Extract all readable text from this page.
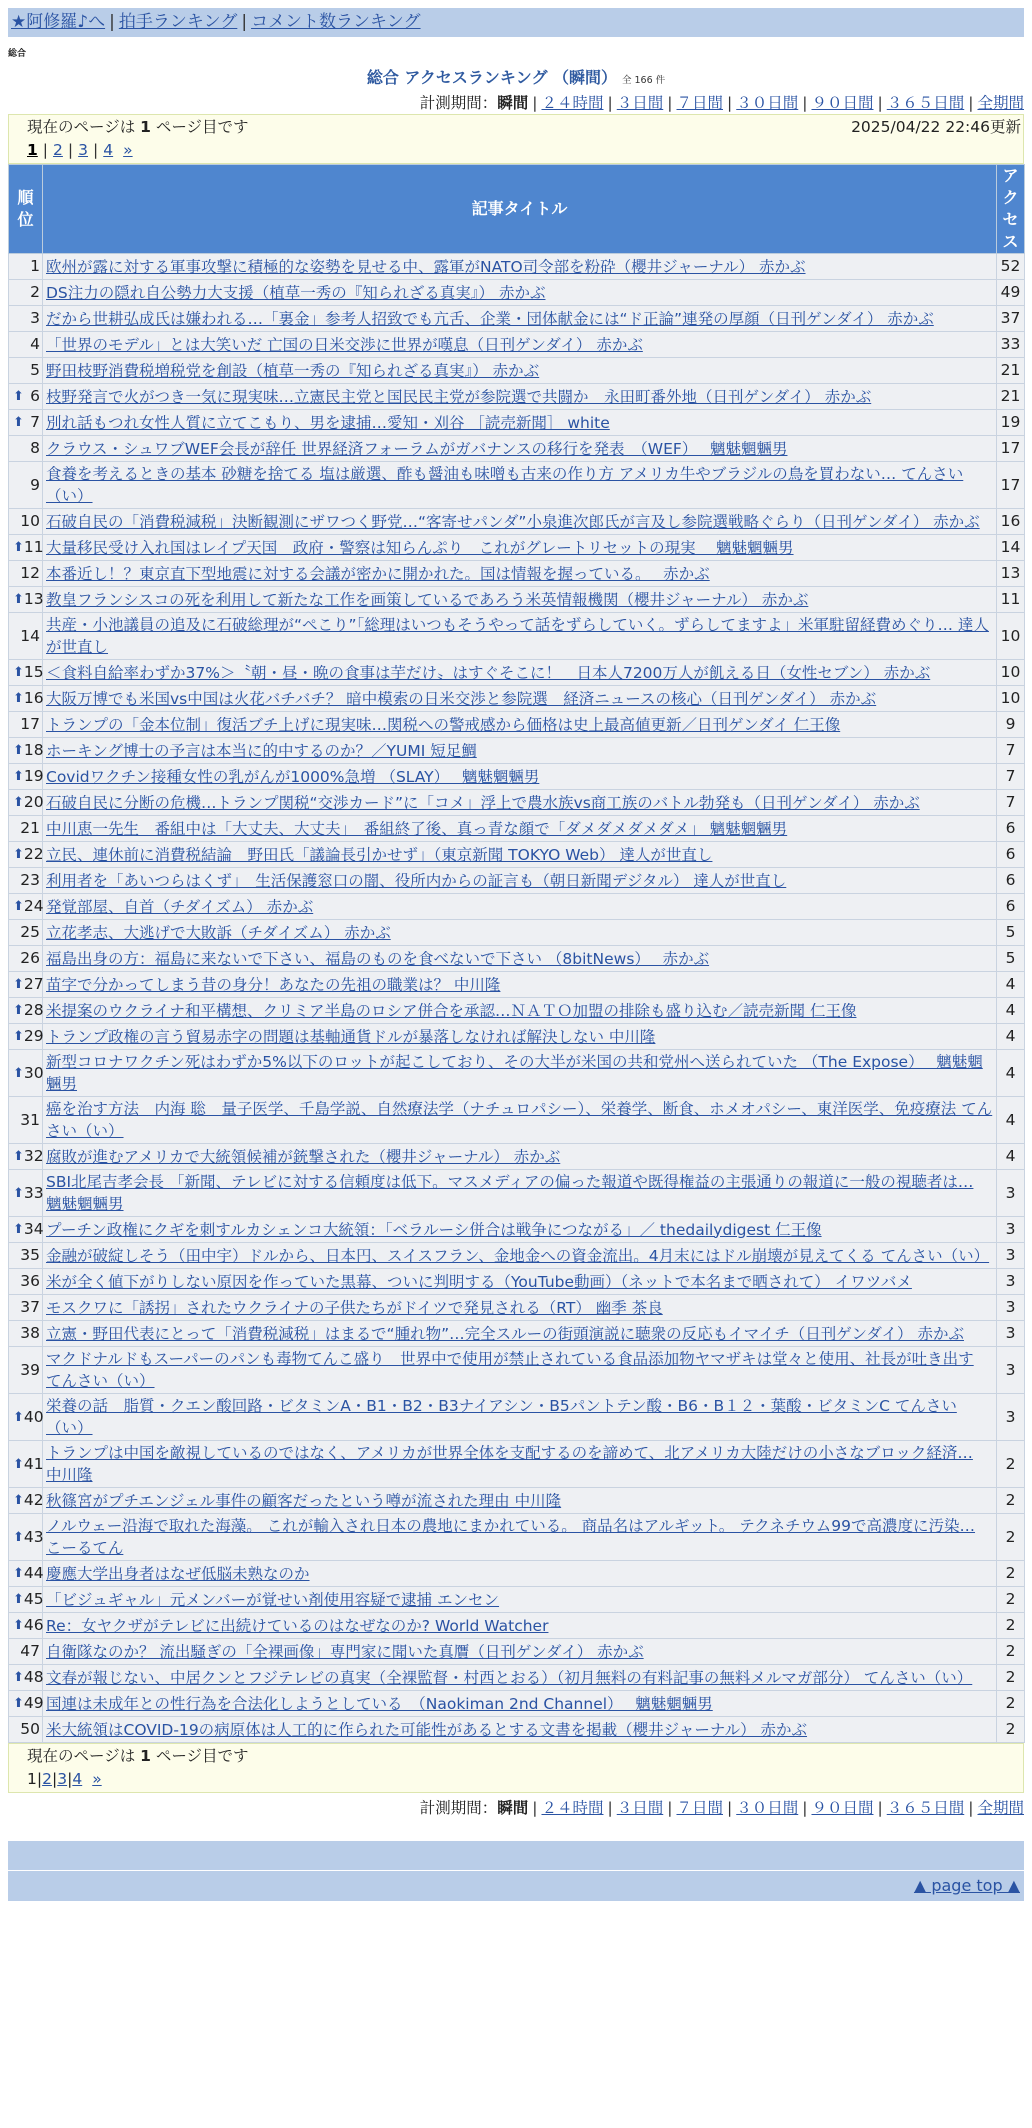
★阿修羅♪へ | 拍手ランキング | コメント数ランキング
総合
総合 アクセスランキング （瞬間） 全 166 件
計測期間：瞬間 | ２４時間 | ３日間 | ７日間 | ３０日間 | ９０日間 | ３６５日間 | 全期間
現在のページは 1 ページ目です	2025/04/22 22:46更新
1 | 2 | 3 | 4 »
順位	記事タイトル	アクセス
1	欧州が露に対する軍事攻撃に積極的な姿勢を見せる中、露軍がNATO司令部を粉砕（櫻井ジャーナル） 赤かぶ	52
2	DS注力の隠れ自公勢力大支援（植草一秀の『知られざる真実』） 赤かぶ	49
3	だから世耕弘成氏は嫌われる…「裏金」参考人招致でも亢舌、企業・団体献金には“ド正論”連発の厚顔（日刊ゲンダイ） 赤かぶ	37
4	「世界のモデル」とは大笑いだ 亡国の日米交渉に世界が嘆息（日刊ゲンダイ） 赤かぶ	33
5	野田枝野消費税増税党を創設（植草一秀の『知られざる真実』） 赤かぶ	21

⬆ 6	枝野発言で火がつき一気に現実味…立憲民主党と国民民主党が参院選で共闘か　永田町番外地（日刊ゲンダイ） 赤かぶ	21

⬆ 7	別れ話もつれ女性人質に立てこもり、男を逮捕…愛知・刈谷 ［読売新聞］ white	19
8	クラウス・シュワブWEF会長が辞任 世界経済フォーラムがガバナンスの移行を発表　（WEF）　 魑魅魍魎男	17
9	食養を考えるときの基本 砂糖を捨てる 塩は厳選、酢も醤油も味噌も古来の作り方 アメリカ牛やブラジルの鳥を買わない… てんさい（い）	17
10	石破自民の「消費税減税」決断観測にザワつく野党…“客寄せパンダ”小泉進次郎氏が言及し参院選戦略ぐらり（日刊ゲンダイ） 赤かぶ	16

⬆ 11	大量移民受け入れ国はレイプ天国　政府・警察は知らんぷり　これがグレートリセットの現実　 魑魅魍魎男	14
12	本番近し！？東京直下型地震に対する会議が密かに開かれた。国は情報を握っている。　 赤かぶ	13

⬆ 13	教皇フランシスコの死を利用して新たな工作を画策しているであろう米英情報機関（櫻井ジャーナル） 赤かぶ	11
14	共産・小池議員の追及に石破総理が“ぺこり”「総理はいつもそうやって話をずらしていく。ずらしてますよ」米軍駐留経費めぐり… 達人が世直し	10

⬆ 15	＜食料自給率わずか37%＞〝朝・昼・晩の食事は芋だけ〟はすぐそこに！　日本人7200万人が飢える日（女性セブン） 赤かぶ	10

⬆ 16	大阪万博でも米国vs中国は火花バチバチ？ 暗中模索の日米交渉と参院選　経済ニュースの核心（日刊ゲンダイ） 赤かぶ	10
17	トランプの「金本位制」復活ブチ上げに現実味…関税への警戒感から価格は史上最高値更新／日刊ゲンダイ 仁王像	9

⬆ 18	ホーキング博士の予言は本当に的中するのか？／YUMI 短足鯛	7

⬆ 19	Covidワクチン接種女性の乳がんが1000%急増 （SLAY）　 魑魅魍魎男	7

⬆ 20	石破自民に分断の危機…トランプ関税“交渉カード”に「コメ」浮上で農水族vs商工族のバトル勃発も（日刊ゲンダイ） 赤かぶ	7
21	中川恵一先生　番組中は「大丈夫、大丈夫」　番組終了後、真っ青な顔で「ダメダメダメダメ」 魑魅魍魎男	6

⬆ 22	立民、連休前に消費税結論　野田氏「議論長引かせず」（東京新聞 TOKYO Web） 達人が世直し	6
23	利用者を「あいつらはくず」　生活保護窓口の闇、役所内からの証言も（朝日新聞デジタル） 達人が世直し	6

⬆ 24	発覚部屋、自首（チダイズム） 赤かぶ	6
25	立花孝志、大逃げで大敗訴（チダイズム） 赤かぶ	5
26	福島出身の方：福島に来ないで下さい、福島のものを食べないで下さい （8bitNews）　 赤かぶ	5

⬆ 27	苗字で分かってしまう昔の身分！あなたの先祖の職業は？ 中川隆	4

⬆ 28	米提案のウクライナ和平構想、クリミア半島のロシア併合を承認…ＮＡＴＯ加盟の排除も盛り込む／読売新聞 仁王像	4

⬆ 29	トランプ政権の言う貿易赤字の問題は基軸通貨ドルが暴落しなければ解決しない 中川隆	4

⬆ 30	新型コロナワクチン死はわずか5%以下のロットが起こしており、その大半が米国の共和党州へ送られていた （The Expose）　 魑魅魍魎男	4
31	癌を治す方法　内海 聡　量子医学、千島学説、自然療法学（ナチュロパシー）、栄養学、断食、ホメオパシー、東洋医学、免疫療法 てんさい（い）	4

⬆ 32	腐敗が進むアメリカで大統領候補が銃撃された（櫻井ジャーナル） 赤かぶ	4

⬆ 33	SBI北尾吉孝会長 「新聞、テレビに対する信頼度は低下。マスメディアの偏った報道や既得権益の主張通りの報道に一般の視聴者は… 魑魅魍魎男	3

⬆ 34	プーチン政権にクギを刺すルカシェンコ大統領：「ベラルーシ併合は戦争につながる」／ thedailydigest 仁王像	3
35	金融が破綻しそう（田中宇）ドルから、日本円、スイスフラン、金地金への資金流出。4月末にはドル崩壊が見えてくる てんさい（い）	3
36	米が全く値下がりしない原因を作っていた黒幕、ついに判明する（YouTube動画）（ネットで本名まで晒されて） イワツバメ	3
37	モスクワに「誘拐」されたウクライナの子供たちがドイツで発見される（RT） 幽季 茶良	3
38	立憲・野田代表にとって「消費税減税」はまるで“腫れ物”…完全スルーの街頭演説に聴衆の反応もイマイチ（日刊ゲンダイ） 赤かぶ	3
39	マクドナルドもスーパーのパンも毒物てんこ盛り　世界中で使用が禁止されている食品添加物ヤマザキは堂々と使用、社長が吐き出す てんさい（い）	3

⬆ 40	栄養の話　脂質・クエン酸回路・ビタミンA・B1・B2・B3ナイアシン・B5パントテン酸・B6・B１２・葉酸・ビタミンC てんさい（い）	3

⬆ 41	トランプは中国を敵視しているのではなく、アメリカが世界全体を支配するのを諦めて、北アメリカ大陸だけの小さなブロック経済… 中川隆	2

⬆ 42	秋篠宮がプチエンジェル事件の顧客だったという噂が流された理由 中川隆	2

⬆ 43	ノルウェー沿海で取れた海藻。 これが輸入され日本の農地にまかれている。 商品名はアルギット。 テクネチウム99で高濃度に汚染… こーるてん	2

⬆ 44	慶應大学出身者はなぜ低脳未熟なのか	2

⬆ 45	「ビジュギャル」元メンバーが覚せい剤使用容疑で逮捕 エンセン	2

⬆ 46	Re：女ヤクザがテレビに出続けているのはなぜなのか? World Watcher	2
47	自衛隊なのか？ 流出騒ぎの「全裸画像」専門家に聞いた真贋（日刊ゲンダイ） 赤かぶ	2

⬆ 48	文春が報じない、中居クンとフジテレビの真実（全裸監督・村西とおる）（初月無料の有料記事の無料メルマガ部分） てんさい（い）	2

⬆ 49	国連は未成年との性行為を合法化しようとしている　（Naokiman 2nd Channel）　 魑魅魍魎男	2
50	米大統領はCOVID-19の病原体は人工的に作られた可能性があるとする文書を掲載（櫻井ジャーナル） 赤かぶ	2
現在のページは 1 ページ目です
1|2|3|4 »
計測期間：瞬間 | ２４時間 | ３日間 | ７日間 | ３０日間 | ９０日間 | ３６５日間 | 全期間
▲ page top ▲
